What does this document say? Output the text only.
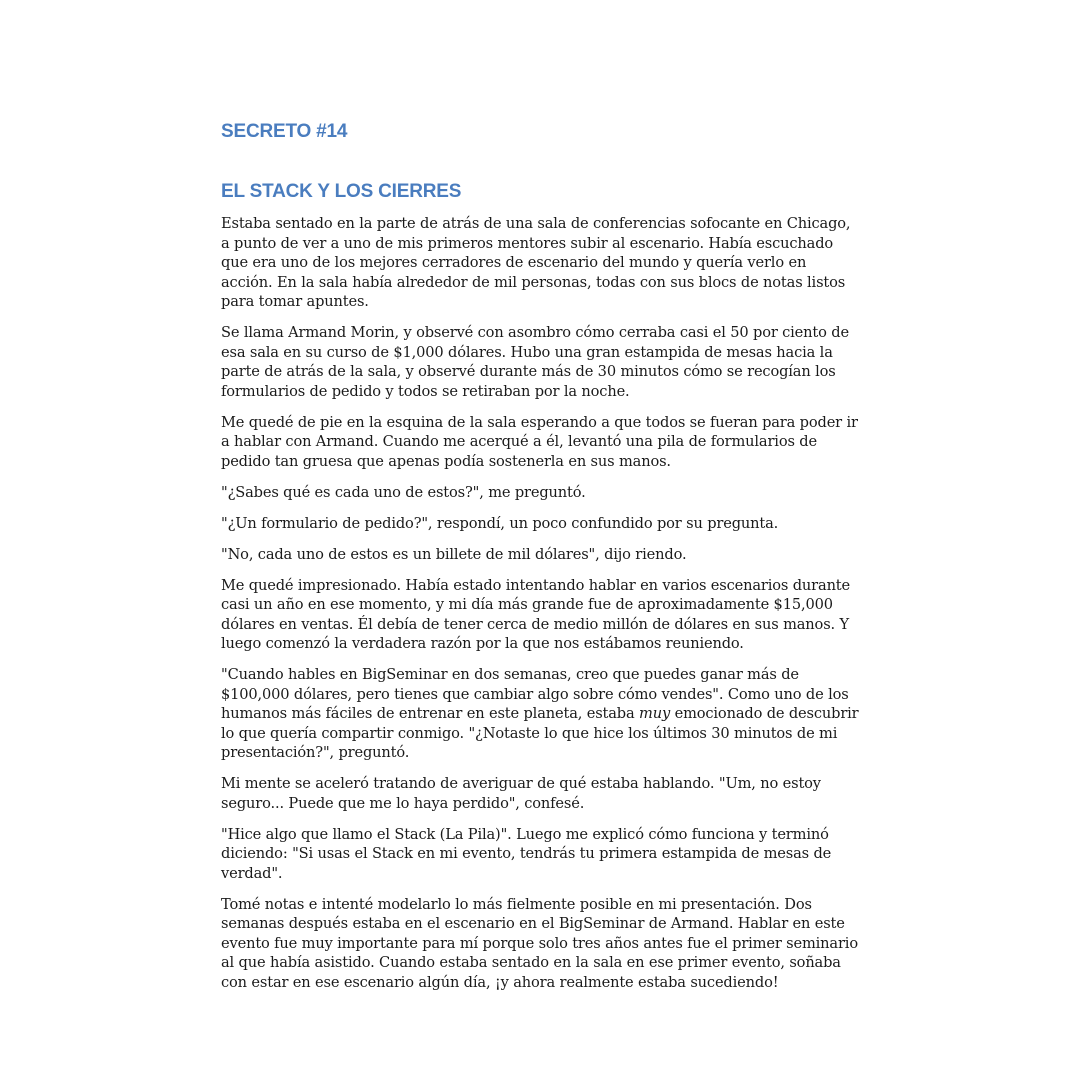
SECRETO #14
EL STACK Y LOS CIERRES

Estaba sentado en la parte de atrás de una sala de conferencias sofocante en Chicago, a punto de ver a uno de mis primeros mentores subir al escenario. Había escuchado que era uno de los mejores cerradores de escenario del mundo y quería verlo en acción. En la sala había alrededor de mil personas, todas con sus blocs de notas listos para tomar apuntes.

Se llama Armand Morin, y observé con asombro cómo cerraba casi el 50 por ciento de esa sala en su curso de $1,000 dólares. Hubo una gran estampida de mesas hacia la parte de atrás de la sala, y observé durante más de 30 minutos cómo se recogían los formularios de pedido y todos se retiraban por la noche.

Me quedé de pie en la esquina de la sala esperando a que todos se fueran para poder ir a hablar con Armand. Cuando me acerqué a él, levantó una pila de formularios de pedido tan gruesa que apenas podía sostenerla en sus manos.

"¿Sabes qué es cada uno de estos?", me preguntó.

"¿Un formulario de pedido?", respondí, un poco confundido por su pregunta.

"No, cada uno de estos es un billete de mil dólares", dijo riendo.

Me quedé impresionado. Había estado intentando hablar en varios escenarios durante casi un año en ese momento, y mi día más grande fue de aproximadamente $15,000 dólares en ventas. Él debía de tener cerca de medio millón de dólares en sus manos. Y luego comenzó la verdadera razón por la que nos estábamos reuniendo.

"Cuando hables en BigSeminar en dos semanas, creo que puedes ganar más de $100,000 dólares, pero tienes que cambiar algo sobre cómo vendes". Como uno de los humanos más fáciles de entrenar en este planeta, estaba muy emocionado de descubrir lo que quería compartir conmigo. "¿Notaste lo que hice los últimos 30 minutos de mi presentación?", preguntó.

Mi mente se aceleró tratando de averiguar de qué estaba hablando. "Um, no estoy seguro... Puede que me lo haya perdido", confesé.

"Hice algo que llamo el Stack (La Pila)". Luego me explicó cómo funciona y terminó diciendo: "Si usas el Stack en mi evento, tendrás tu primera estampida de mesas de verdad".

Tomé notas e intenté modelarlo lo más fielmente posible en mi presentación. Dos semanas después estaba en el escenario en el BigSeminar de Armand. Hablar en este evento fue muy importante para mí porque solo tres años antes fue el primer seminario al que había asistido. Cuando estaba sentado en la sala en ese primer evento, soñaba con estar en ese escenario algún día, ¡y ahora realmente estaba sucediendo!
